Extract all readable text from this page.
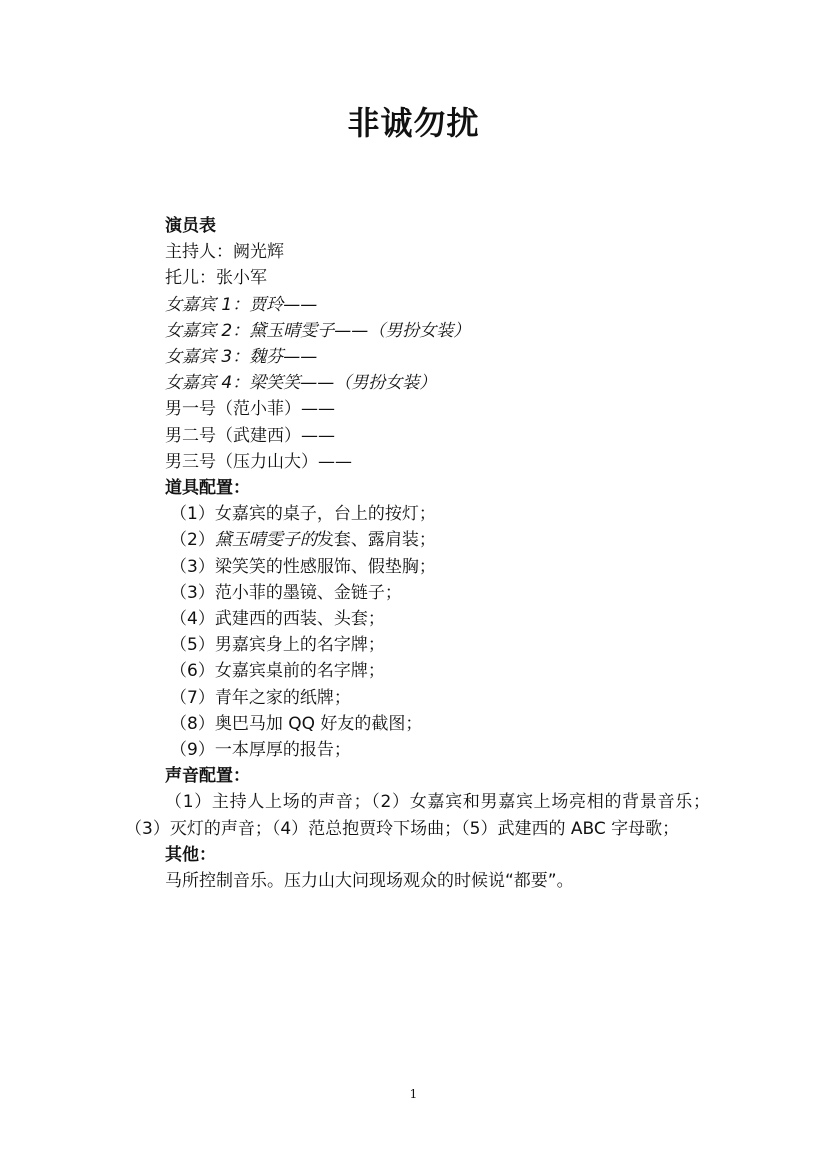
非诚勿扰
演员表
主持人：阙光辉
托儿：张小军
女嘉宾 1：贾玲——
女嘉宾 2：黛玉晴雯子——（男扮女装）
女嘉宾 3：魏芬——
女嘉宾 4：梁笑笑——（男扮女装）
男一号（范小菲）——
男二号（武建西）——
男三号（压力山大）——
道具配置：
（1）女嘉宾的桌子，台上的按灯；
（2）黛玉晴雯子的发套、露肩装；
（3）梁笑笑的性感服饰、假垫胸；
（3）范小菲的墨镜、金链子；
（4）武建西的西装、头套；
（5）男嘉宾身上的名字牌；
（6）女嘉宾桌前的名字牌；
（7）青年之家的纸牌；
（8）奥巴马加 QQ 好友的截图；
（9）一本厚厚的报告；
声音配置：
（1）主持人上场的声音；（2）女嘉宾和男嘉宾上场亮相的背景音乐；（3）灭灯的声音；（4）范总抱贾玲下场曲；（5）武建西的 ABC 字母歌；
其他：
马所控制音乐。压力山大问现场观众的时候说“都要”。
1
